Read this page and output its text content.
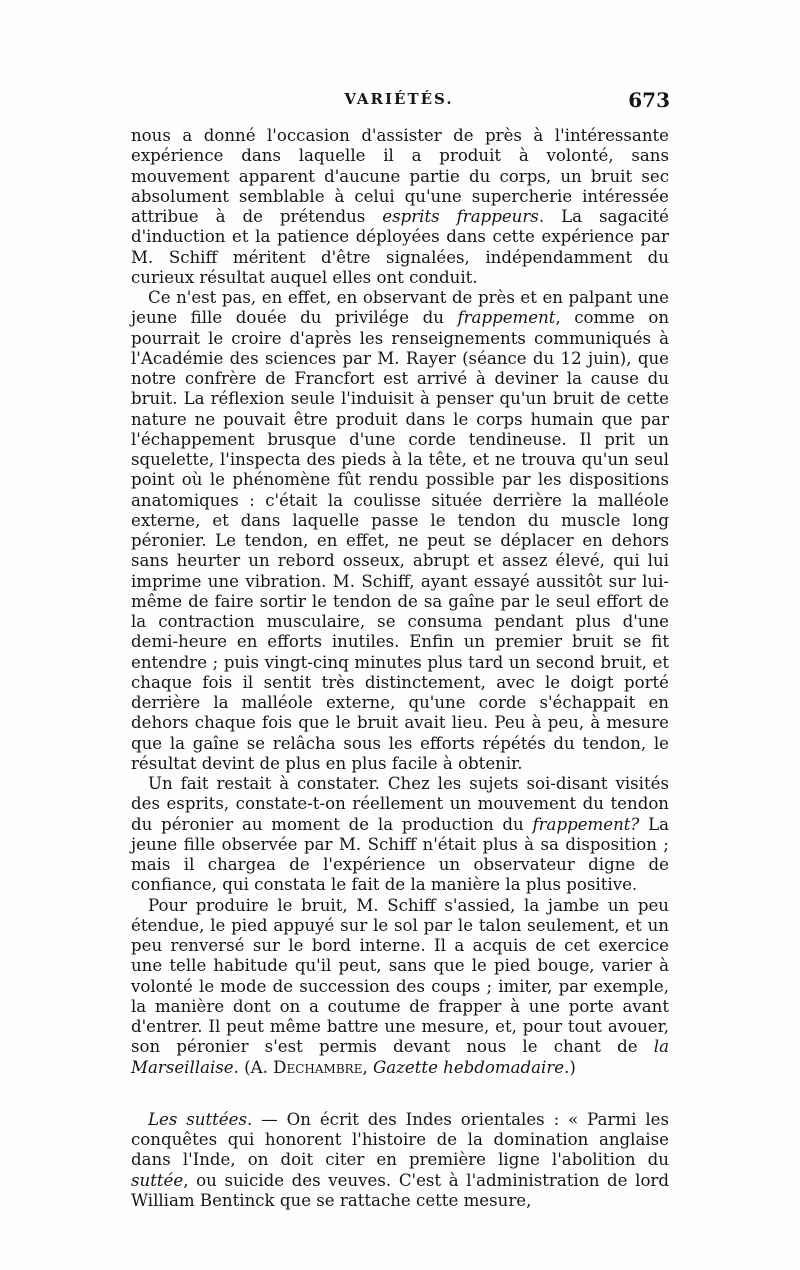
VARIÉTÉS.	673

nous a donné l'occasion d'assister de près à l'intéressante expérience dans laquelle il a produit à volonté, sans mouvement apparent d'aucune partie du corps, un bruit sec absolument semblable à celui qu'une supercherie intéressée attribue à de prétendus esprits frappeurs. La sagacité d'induction et la patience déployées dans cette expérience par M. Schiff méritent d'être signalées, indépendamment du curieux résultat auquel elles ont conduit.

Ce n'est pas, en effet, en observant de près et en palpant une jeune fille douée du privilége du frappement, comme on pourrait le croire d'après les renseignements communiqués à l'Académie des sciences par M. Rayer (séance du 12 juin), que notre confrère de Francfort est arrivé à deviner la cause du bruit. La réflexion seule l'induisit à penser qu'un bruit de cette nature ne pouvait être produit dans le corps humain que par l'échappement brusque d'une corde tendineuse. Il prit un squelette, l'inspecta des pieds à la tête, et ne trouva qu'un seul point où le phénomène fût rendu possible par les dispositions anatomiques : c'était la coulisse située derrière la malléole externe, et dans laquelle passe le tendon du muscle long péronier. Le tendon, en effet, ne peut se déplacer en dehors sans heurter un rebord osseux, abrupt et assez élevé, qui lui imprime une vibration. M. Schiff, ayant essayé aussitôt sur lui-même de faire sortir le tendon de sa gaîne par le seul effort de la contraction musculaire, se consuma pendant plus d'une demi-heure en efforts inutiles. Enfin un premier bruit se fit entendre ; puis vingt-cinq minutes plus tard un second bruit, et chaque fois il sentit très distinctement, avec le doigt porté derrière la malléole externe, qu'une corde s'échappait en dehors chaque fois que le bruit avait lieu. Peu à peu, à mesure que la gaîne se relâcha sous les efforts répétés du tendon, le résultat devint de plus en plus facile à obtenir.

Un fait restait à constater. Chez les sujets soi-disant visités des esprits, constate-t-on réellement un mouvement du tendon du péronier au moment de la production du frappement? La jeune fille observée par M. Schiff n'était plus à sa disposition ; mais il chargea de l'expérience un observateur digne de confiance, qui constata le fait de la manière la plus positive.

Pour produire le bruit, M. Schiff s'assied, la jambe un peu étendue, le pied appuyé sur le sol par le talon seulement, et un peu renversé sur le bord interne. Il a acquis de cet exercice une telle habitude qu'il peut, sans que le pied bouge, varier à volonté le mode de succession des coups ; imiter, par exemple, la manière dont on a coutume de frapper à une porte avant d'entrer. Il peut même battre une mesure, et, pour tout avouer, son péronier s'est permis devant nous le chant de la Marseillaise. (A. Dechambre, Gazette hebdomadaire.)

Les suttées. — On écrit des Indes orientales : « Parmi les conquêtes qui honorent l'histoire de la domination anglaise dans l'Inde, on doit citer en première ligne l'abolition du suttée, ou suicide des veuves. C'est à l'administration de lord William Bentinck que se rattache cette mesure,
